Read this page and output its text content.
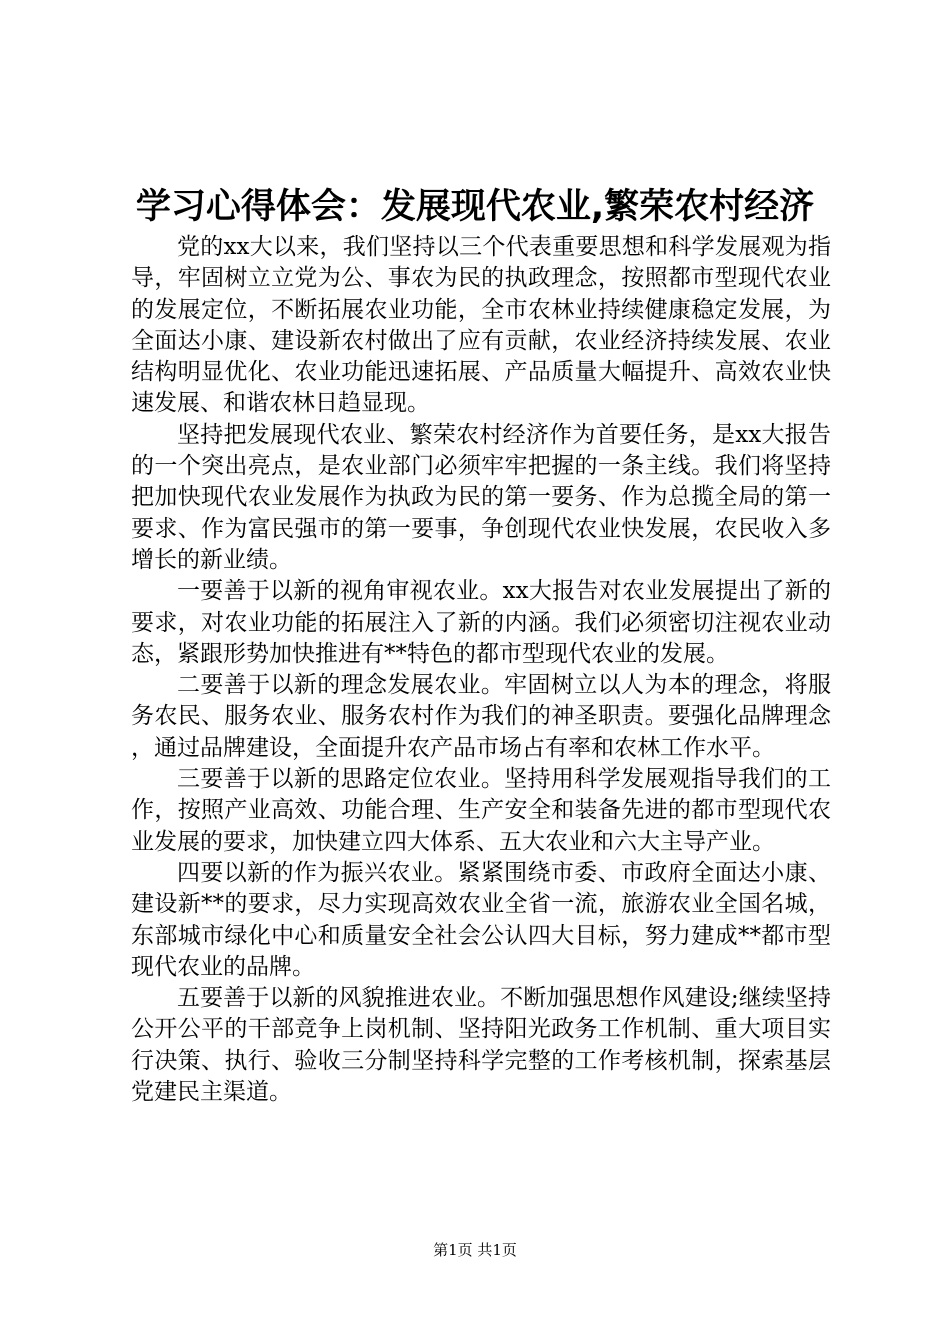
学习心得体会：发展现代农业,繁荣农村经济

党的xx大以来，我们坚持以三个代表重要思想和科学发展观为指导，牢固树立立党为公、事农为民的执政理念，按照都市型现代农业的发展定位，不断拓展农业功能，全市农林业持续健康稳定发展，为全面达小康、建设新农村做出了应有贡献，农业经济持续发展、农业结构明显优化、农业功能迅速拓展、产品质量大幅提升、高效农业快速发展、和谐农林日趋显现。

坚持把发展现代农业、繁荣农村经济作为首要任务，是xx大报告的一个突出亮点，是农业部门必须牢牢把握的一条主线。我们将坚持把加快现代农业发展作为执政为民的第一要务、作为总揽全局的第一要求、作为富民强市的第一要事，争创现代农业快发展，农民收入多增长的新业绩。

一要善于以新的视角审视农业。xx大报告对农业发展提出了新的要求，对农业功能的拓展注入了新的内涵。我们必须密切注视农业动态，紧跟形势加快推进有**特色的都市型现代农业的发展。

二要善于以新的理念发展农业。牢固树立以人为本的理念，将服务农民、服务农业、服务农村作为我们的神圣职责。要强化品牌理念，通过品牌建设，全面提升农产品市场占有率和农林工作水平。

三要善于以新的思路定位农业。坚持用科学发展观指导我们的工作，按照产业高效、功能合理、生产安全和装备先进的都市型现代农业发展的要求，加快建立四大体系、五大农业和六大主导产业。

四要以新的作为振兴农业。紧紧围绕市委、市政府全面达小康、建设新**的要求，尽力实现高效农业全省一流，旅游农业全国名城，东部城市绿化中心和质量安全社会公认四大目标，努力建成**都市型现代农业的品牌。

五要善于以新的风貌推进农业。不断加强思想作风建设;继续坚持公开公平的干部竞争上岗机制、坚持阳光政务工作机制、重大项目实行决策、执行、验收三分制坚持科学完整的工作考核机制，探索基层党建民主渠道。

第1页 共1页
